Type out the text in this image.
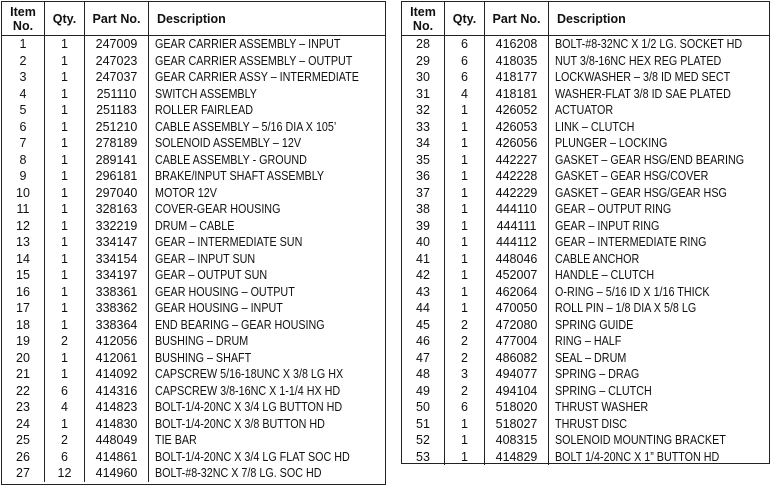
Item
No.	Qty.	Part No.	Description
1	1	247009	GEAR CARRIER ASSEMBLY – INPUT
2	1	247023	GEAR CARRIER ASSEMBLY – OUTPUT
3	1	247037	GEAR CARRIER ASSY – INTERMEDIATE
4	1	251110	SWITCH ASSEMBLY
5	1	251183	ROLLER FAIRLEAD
6	1	251210	CABLE ASSEMBLY – 5/16 DIA X 105’
7	1	278189	SOLENOID ASSEMBLY – 12V
8	1	289141	CABLE ASSEMBLY - GROUND
9	1	296181	BRAKE/INPUT SHAFT ASSEMBLY
10	1	297040	MOTOR 12V
11	1	328163	COVER-GEAR HOUSING
12	1	332219	DRUM – CABLE
13	1	334147	GEAR – INTERMEDIATE SUN
14	1	334154	GEAR – INPUT SUN
15	1	334197	GEAR – OUTPUT SUN
16	1	338361	GEAR HOUSING – OUTPUT
17	1	338362	GEAR HOUSING – INPUT
18	1	338364	END BEARING – GEAR HOUSING
19	2	412056	BUSHING – DRUM
20	1	412061	BUSHING – SHAFT
21	1	414092	CAPSCREW 5/16-18UNC X 3/8 LG HX
22	6	414316	CAPSCREW 3/8-16NC X 1-1/4 HX HD
23	4	414823	BOLT-1/4-20NC X 3/4 LG BUTTON HD
24	1	414830	BOLT-1/4-20NC X 3/8 BUTTON HD
25	2	448049	TIE BAR
26	6	414861	BOLT-1/4-20NC X 3/4 LG FLAT SOC HD
27	12	414960	BOLT-#8-32NC X 7/8 LG. SOC HD
Item
No.	Qty.	Part No.	Description
28	6	416208	BOLT-#8-32NC X 1/2 LG. SOCKET HD
29	6	418035	NUT 3/8-16NC HEX REG PLATED
30	6	418177	LOCKWASHER – 3/8 ID MED SECT
31	4	418181	WASHER-FLAT 3/8 ID SAE PLATED
32	1	426052	ACTUATOR
33	1	426053	LINK – CLUTCH
34	1	426056	PLUNGER – LOCKING
35	1	442227	GASKET – GEAR HSG/END BEARING
36	1	442228	GASKET – GEAR HSG/COVER
37	1	442229	GASKET – GEAR HSG/GEAR HSG
38	1	444110	GEAR – OUTPUT RING
39	1	444111	GEAR – INPUT RING
40	1	444112	GEAR – INTERMEDIATE RING
41	1	448046	CABLE ANCHOR
42	1	452007	HANDLE – CLUTCH
43	1	462064	O-RING – 5/16 ID X 1/16 THICK
44	1	470050	ROLL PIN – 1/8 DIA X 5/8 LG
45	2	472080	SPRING GUIDE
46	2	477004	RING – HALF
47	2	486082	SEAL – DRUM
48	3	494077	SPRING – DRAG
49	2	494104	SPRING – CLUTCH
50	6	518020	THRUST WASHER
51	1	518027	THRUST DISC
52	1	408315	SOLENOID MOUNTING BRACKET
53	1	414829	BOLT 1/4-20NC X 1” BUTTON HD
